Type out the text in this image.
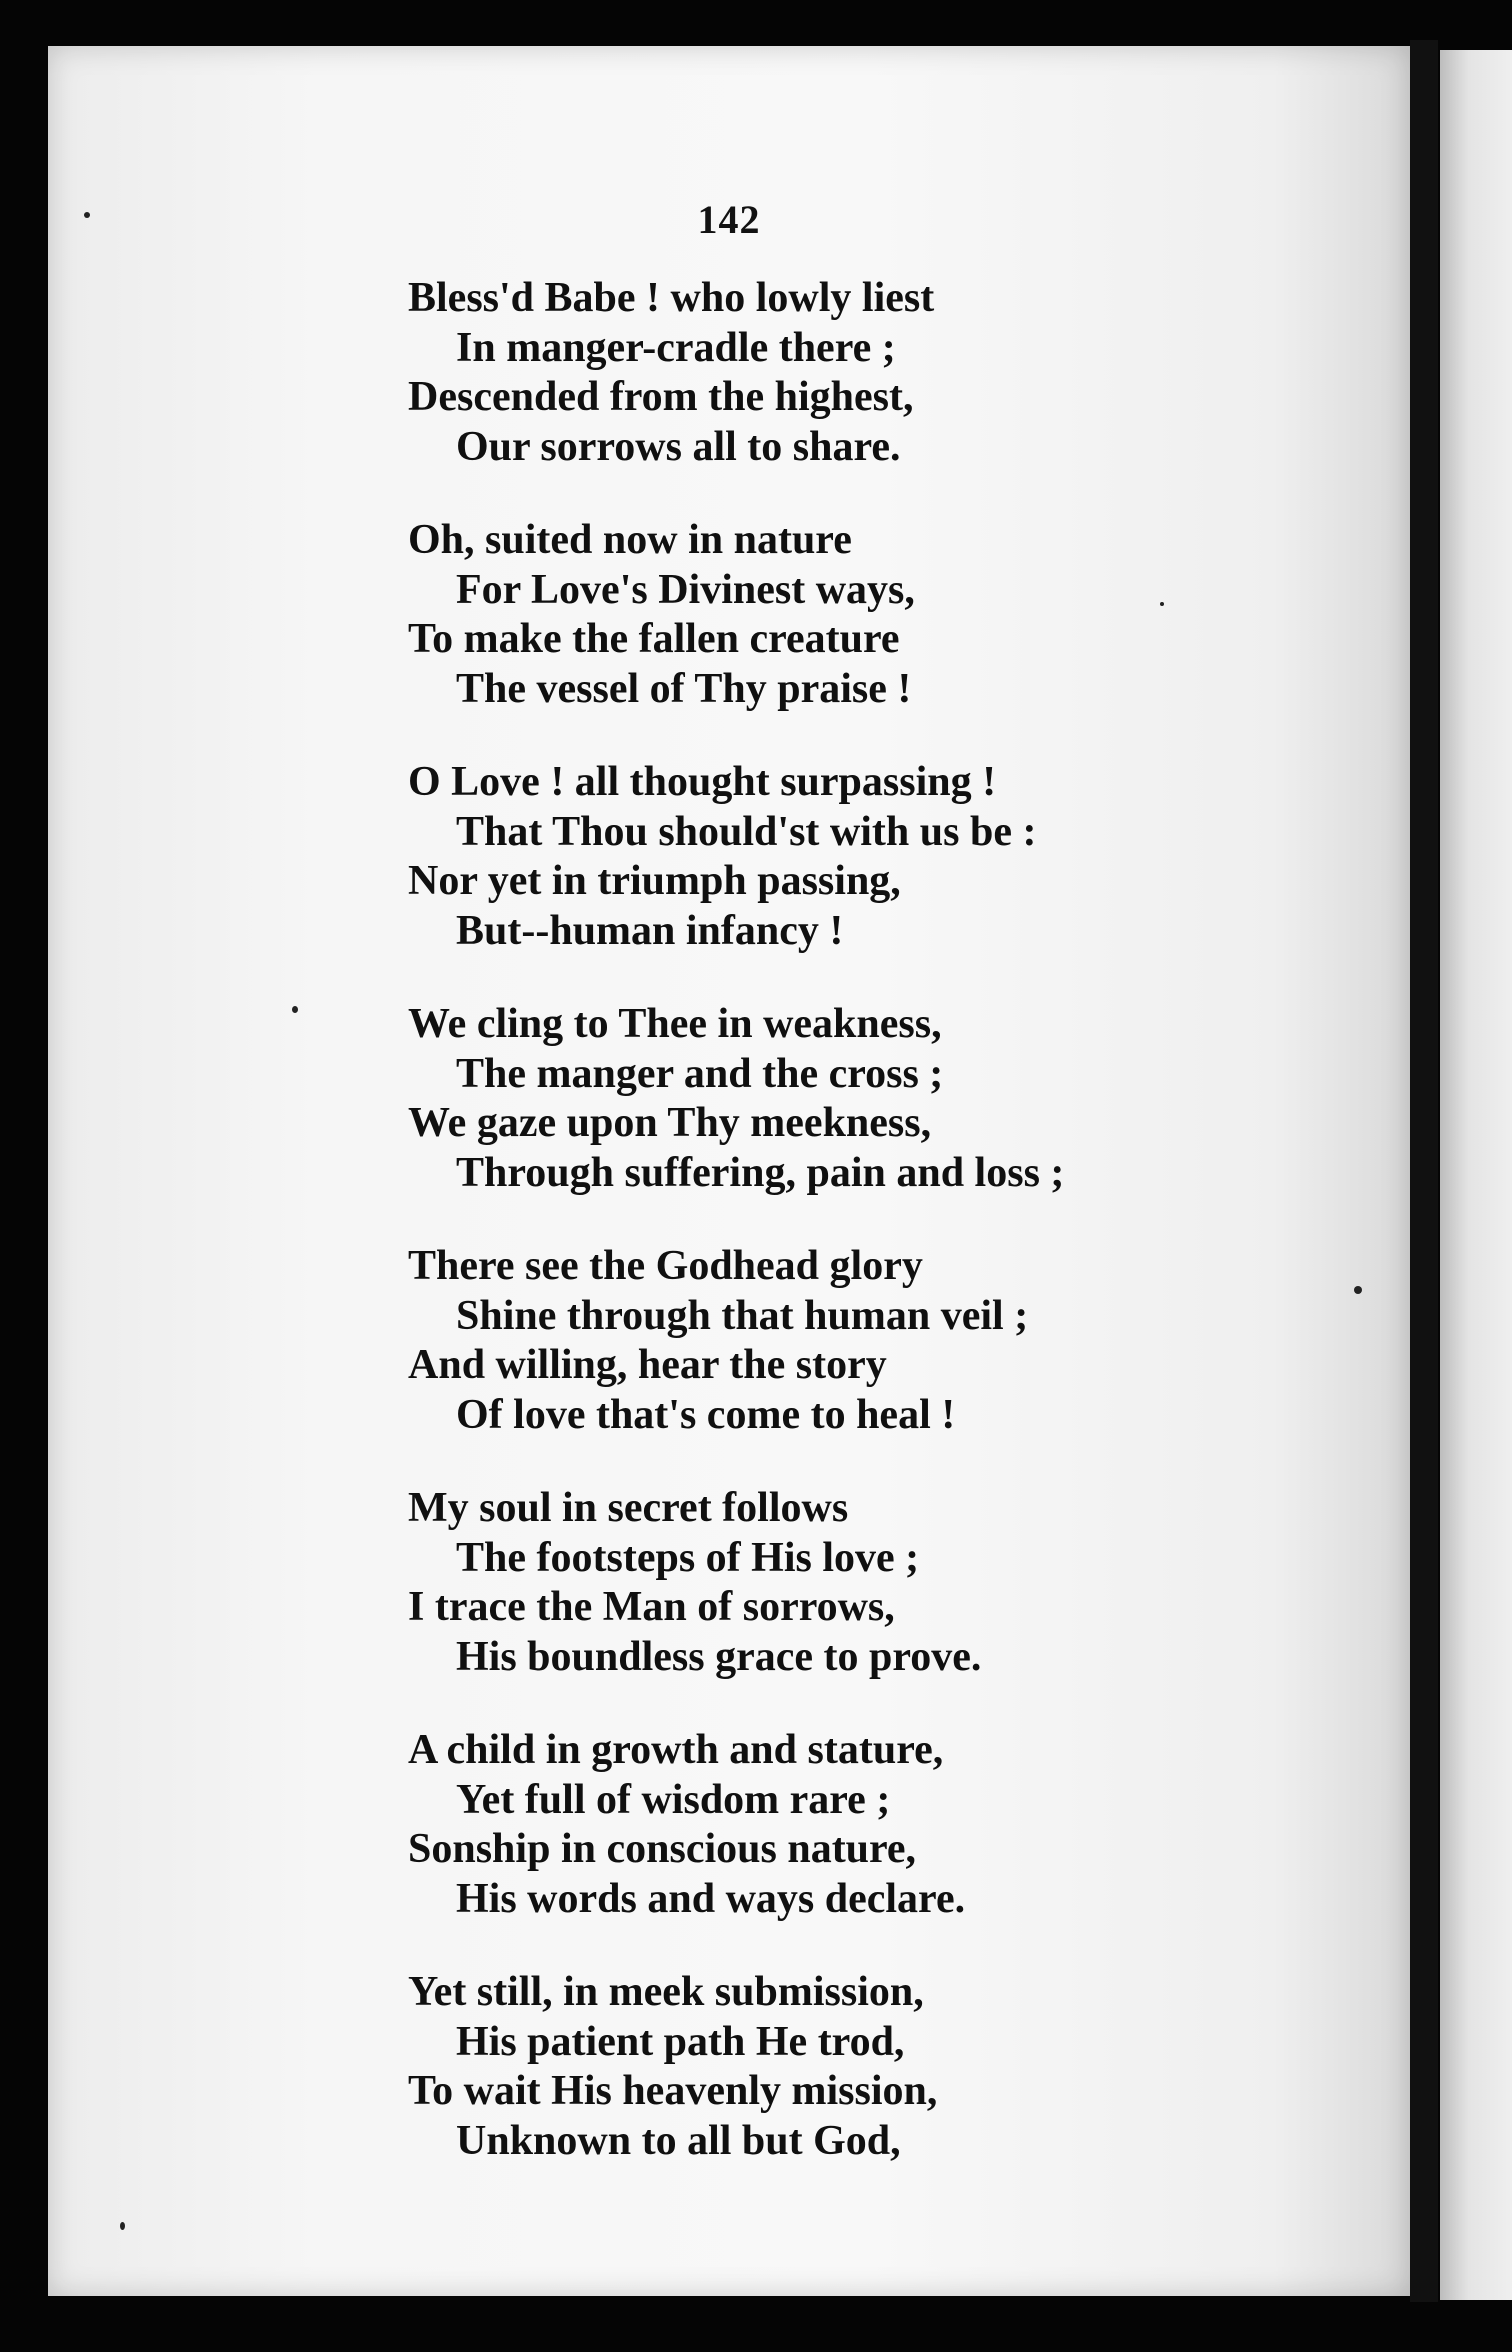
142
Bless'd Babe ! who lowly liest
In manger-cradle there ;
Descended from the highest,
Our sorrows all to share.
Oh, suited now in nature
For Love's Divinest ways,
To make the fallen creature
The vessel of Thy praise !
O Love ! all thought surpassing !
That Thou should'st with us be :
Nor yet in triumph passing,
But--human infancy !
We cling to Thee in weakness,
The manger and the cross ;
We gaze upon Thy meekness,
Through suffering, pain and loss ;
There see the Godhead glory
Shine through that human veil ;
And willing, hear the story
Of love that's come to heal !
My soul in secret follows
The footsteps of His love ;
I trace the Man of sorrows,
His boundless grace to prove.
A child in growth and stature,
Yet full of wisdom rare ;
Sonship in conscious nature,
His words and ways declare.
Yet still, in meek submission,
His patient path He trod,
To wait His heavenly mission,
Unknown to all but God,
